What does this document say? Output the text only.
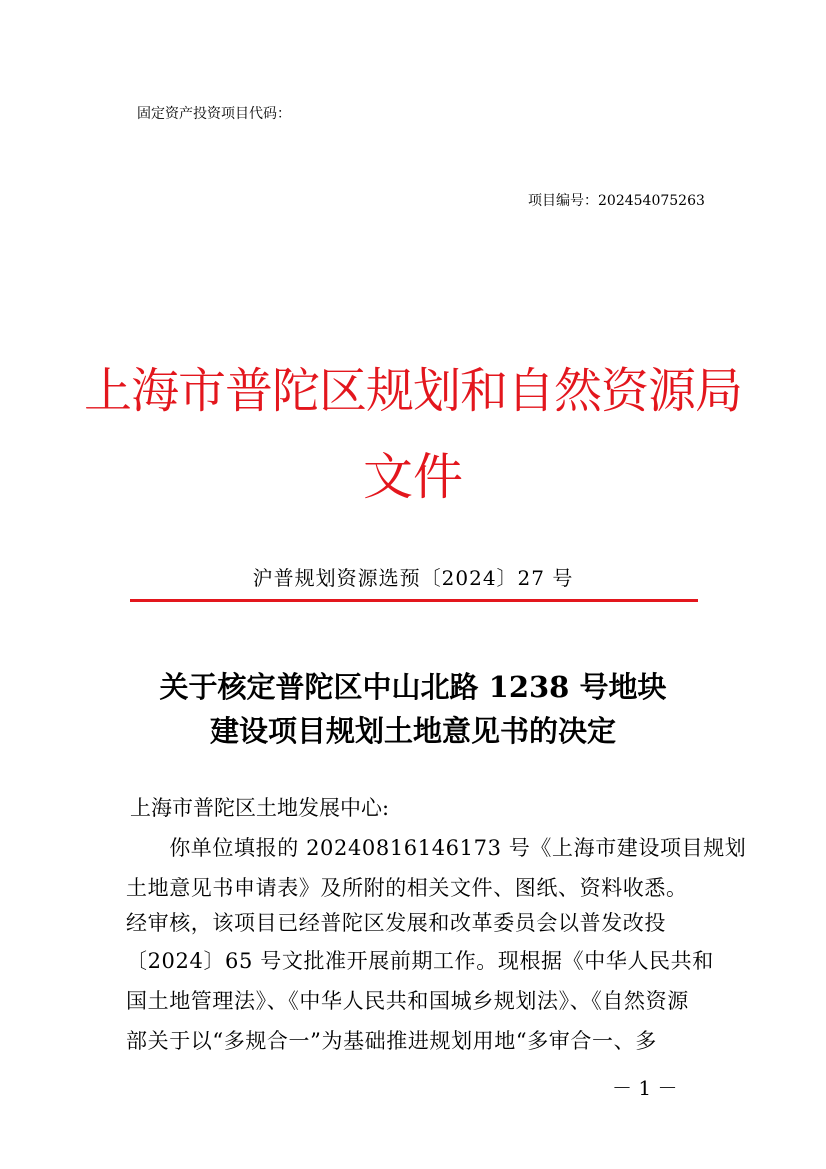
固定资产投资项目代码：
项目编号：202454075263
上海市普陀区规划和自然资源局
文件
沪普规划资源选预〔2024〕27 号
关于核定普陀区中山北路 1238 号地块
建设项目规划土地意见书的决定
上海市普陀区土地发展中心:
　　你单位填报的 20240816146173 号《上海市建设项目规划
土地意见书申请表》及所附的相关文件、图纸、资料收悉。
经审核，该项目已经普陀区发展和改革委员会以普发改投
〔2024〕65 号文批准开展前期工作。现根据《中华人民共和
国土地管理法》、《中华人民共和国城乡规划法》、《自然资源
部关于以“多规合一”为基础推进规划用地“多审合一、多
－ 1 －
